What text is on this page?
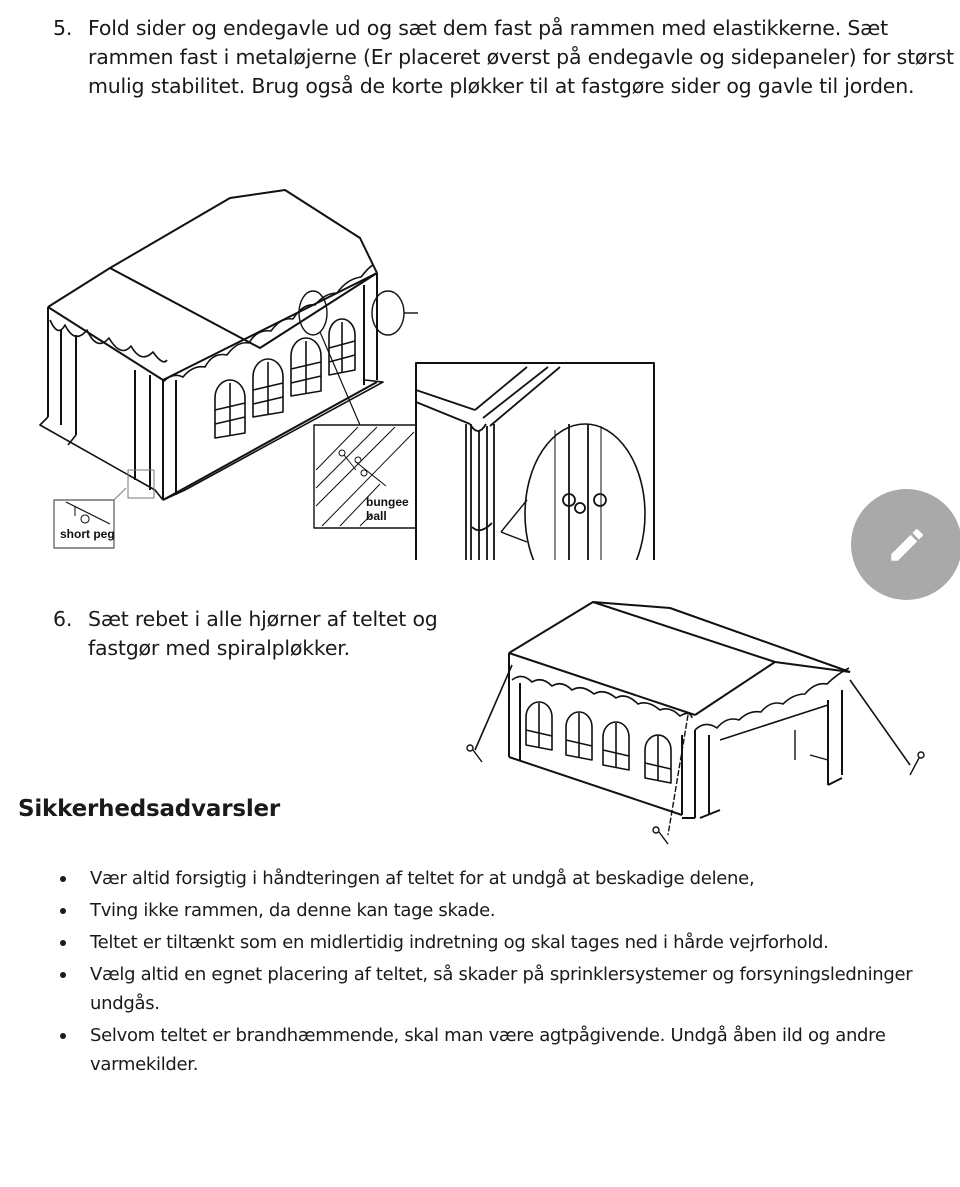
5. Fold sider og endegavle ud og sæt dem fast på rammen med elastikkerne. Sæt rammen fast i metaløjerne (Er placeret øverst på endegavle og sidepaneler) for størst mulig stabilitet. Brug også de korte pløkker til at fastgøre sider og gavle til jorden.
short peg
bungee
ball
6. Sæt rebet i alle hjørner af teltet og fastgør med spiralpløkker.
Sikkerhedsadvarsler
Vær altid forsigtig i håndteringen af teltet for at undgå at beskadige delene,
Tving ikke rammen, da denne kan tage skade.
Teltet er tiltænkt som en midlertidig indretning og skal tages ned i hårde vejrforhold.
Vælg altid en egnet placering af teltet, så skader på sprinklersystemer og forsyningsledninger undgås.
Selvom teltet er brandhæmmende, skal man være agtpågivende. Undgå åben ild og andre varmekilder.
